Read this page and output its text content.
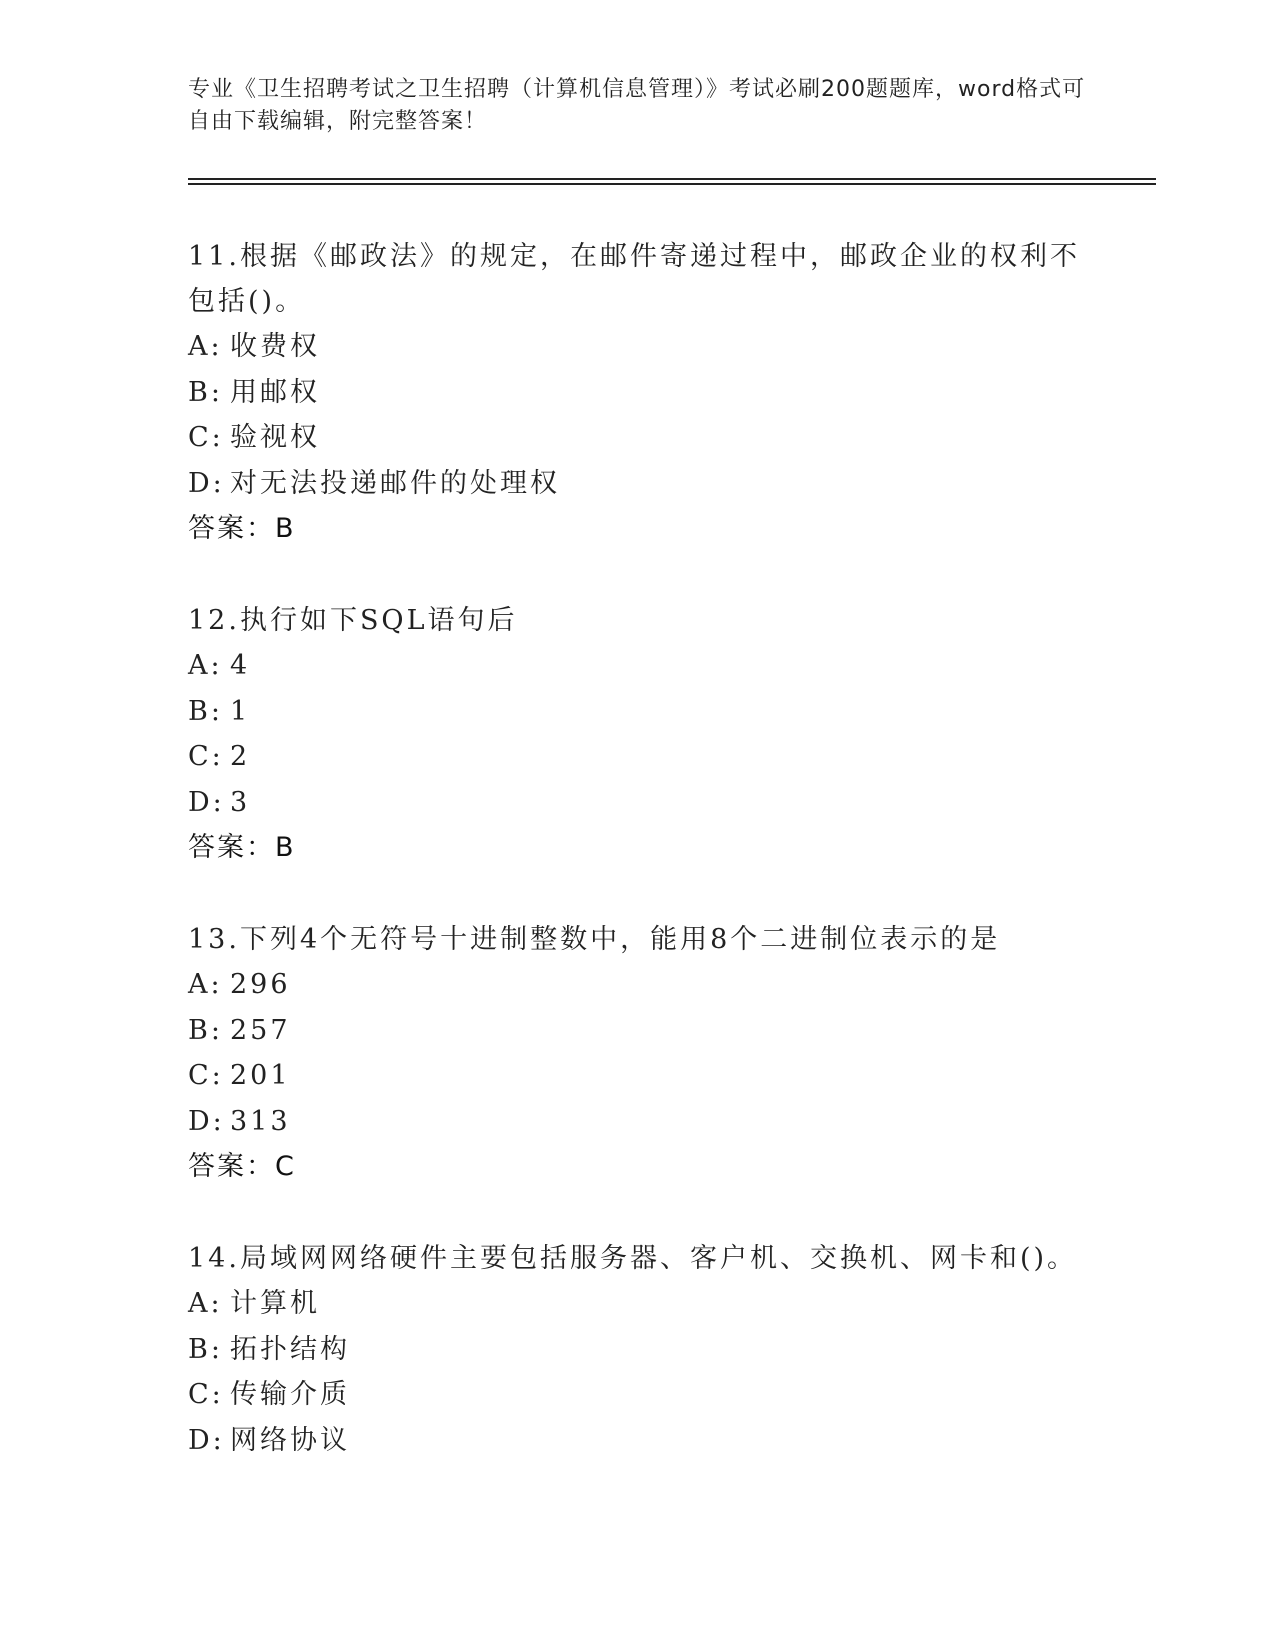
专业《卫生招聘考试之卫生招聘（计算机信息管理）》考试必刷200题题库，word格式可自由下载编辑，附完整答案！

11.根据《邮政法》的规定，在邮件寄递过程中，邮政企业的权利不包括()。

A: 收费权

B: 用邮权

C: 验视权

D: 对无法投递邮件的处理权

答案：B

12.执行如下SQL语句后

A: 4

B: 1

C: 2

D: 3

答案：B

13.下列4个无符号十进制整数中，能用8个二进制位表示的是

A: 296

B: 257

C: 201

D: 313

答案：C

14.局域网网络硬件主要包括服务器、客户机、交换机、网卡和()。

A: 计算机

B: 拓扑结构

C: 传输介质

D: 网络协议
